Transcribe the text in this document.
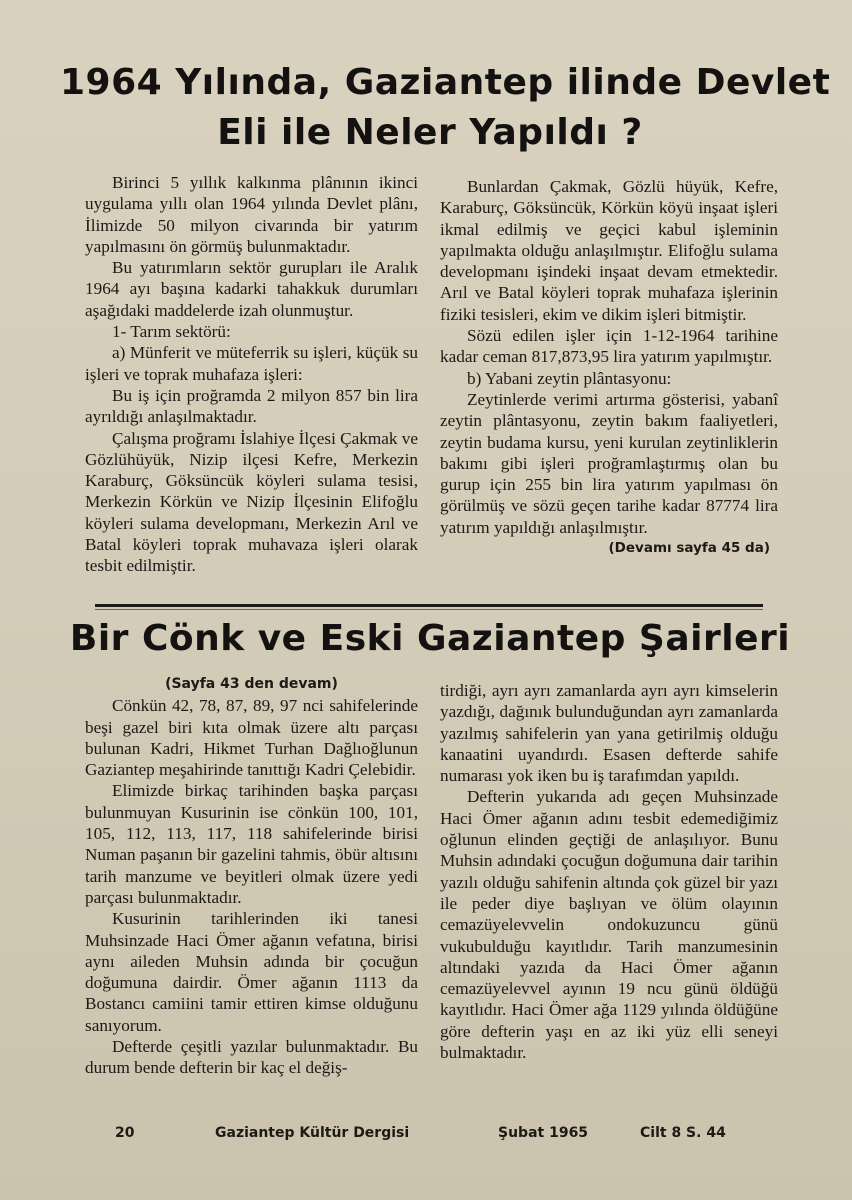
1964 Yılında, Gaziantep ilinde Devlet
Eli ile Neler Yapıldı ?

Birinci 5 yıllık kalkınma plânının ikinci uygulama yıllı olan 1964 yılında Devlet plânı, İlimizde 50 milyon civarında bir yatırım yapılmasını ön görmüş bulunmaktadır.

Bu yatırımların sektör gurupları ile Aralık 1964 ayı başına kadarki tahakkuk durumları aşağıdaki maddelerde izah olunmuştur.

1- Tarım sektörü:

a) Münferit ve müteferrik su işleri, küçük su işleri ve toprak muhafaza işleri:

Bu iş için proğramda 2 milyon 857 bin lira ayrıldığı anlaşılmaktadır.

Çalışma proğramı İslahiye İlçesi Çakmak ve Gözlühüyük, Nizip ilçesi Kefre, Merkezin Karaburç, Göksüncük köyleri sulama tesisi, Merkezin Körkün ve Nizip İlçesinin Elifoğlu köyleri sulama developmanı, Merkezin Arıl ve Batal köyleri toprak muhavaza işleri olarak tesbit edilmiştir.

Bunlardan Çakmak, Gözlü hüyük, Kefre, Karaburç, Göksüncük, Körkün köyü inşaat işleri ikmal edilmiş ve geçici kabul işleminin yapılmakta olduğu anlaşılmıştır. Elifoğlu sulama developmanı işindeki inşaat devam etmektedir. Arıl ve Batal köyleri toprak muhafaza işlerinin fiziki tesisleri, ekim ve dikim işleri bitmiştir.

Sözü edilen işler için 1-12-1964 tarihine kadar ceman 817,873,95 lira yatırım yapılmıştır.

b) Yabani zeytin plântasyonu:

Zeytinlerde verimi artırma gösterisi, yabanî zeytin plântasyonu, zeytin bakım faaliyetleri, zeytin budama kursu, yeni kurulan zeytinliklerin bakımı gibi işleri proğramlaştırmış olan bu gurup için 255 bin lira yatırım yapılması ön görülmüş ve sözü geçen tarihe kadar 87774 lira yatırım yapıldığı anlaşılmıştır.

(Devamı sayfa 45 da)

Bir Cönk ve Eski Gaziantep Şairleri

(Sayfa 43 den devam)

Cönkün 42, 78, 87, 89, 97 nci sahifelerinde beşi gazel biri kıta olmak üzere altı parçası bulunan Kadri, Hikmet Turhan Dağlıoğlunun Gaziantep meşahirinde tanıttığı Kadri Çelebidir.

Elimizde birkaç tarihinden başka parçası bulunmuyan Kusurinin ise cönkün 100, 101, 105, 112, 113, 117, 118 sahifelerinde birisi Numan paşanın bir gazelini tahmis, öbür altısını tarih manzume ve beyitleri olmak üzere yedi parçası bulunmaktadır.

Kusurinin tarihlerinden iki tanesi Muhsinzade Haci Ömer ağanın vefatına, birisi aynı aileden Muhsin adında bir çocuğun doğumuna dairdir. Ömer ağanın 1113 da Bostancı camiini tamir ettiren kimse olduğunu sanıyorum.

Defterde çeşitli yazılar bulunmaktadır. Bu durum bende defterin bir kaç el değiş-

tirdiği, ayrı ayrı zamanlarda ayrı ayrı kimselerin yazdığı, dağınık bulunduğundan ayrı zamanlarda yazılmış sahifelerin yan yana getirilmiş olduğu kanaatini uyandırdı. Esasen defterde sahife numarası yok iken bu iş tarafımdan yapıldı.

Defterin yukarıda adı geçen Muhsinzade Haci Ömer ağanın adını tesbit edemediğimiz oğlunun elinden geçtiği de anlaşılıyor. Bunu Muhsin adındaki çocuğun doğumuna dair tarihin yazılı olduğu sahifenin altında çok güzel bir yazı ile peder diye başlıyan ve ölüm olayının cemazüyelevvelin ondokuzuncu günü vukubulduğu kayıtlıdır. Tarih manzumesinin altındaki yazıda da Haci Ömer ağanın cemazüyelevvel ayının 19 ncu günü öldüğü kayıtlıdır. Haci Ömer ağa 1129 yılında öldüğüne göre defterin yaşı en az iki yüz elli seneyi bulmaktadır.

20	Gaziantep Kültür Dergisi	Şubat 1965	Cilt 8 S. 44
